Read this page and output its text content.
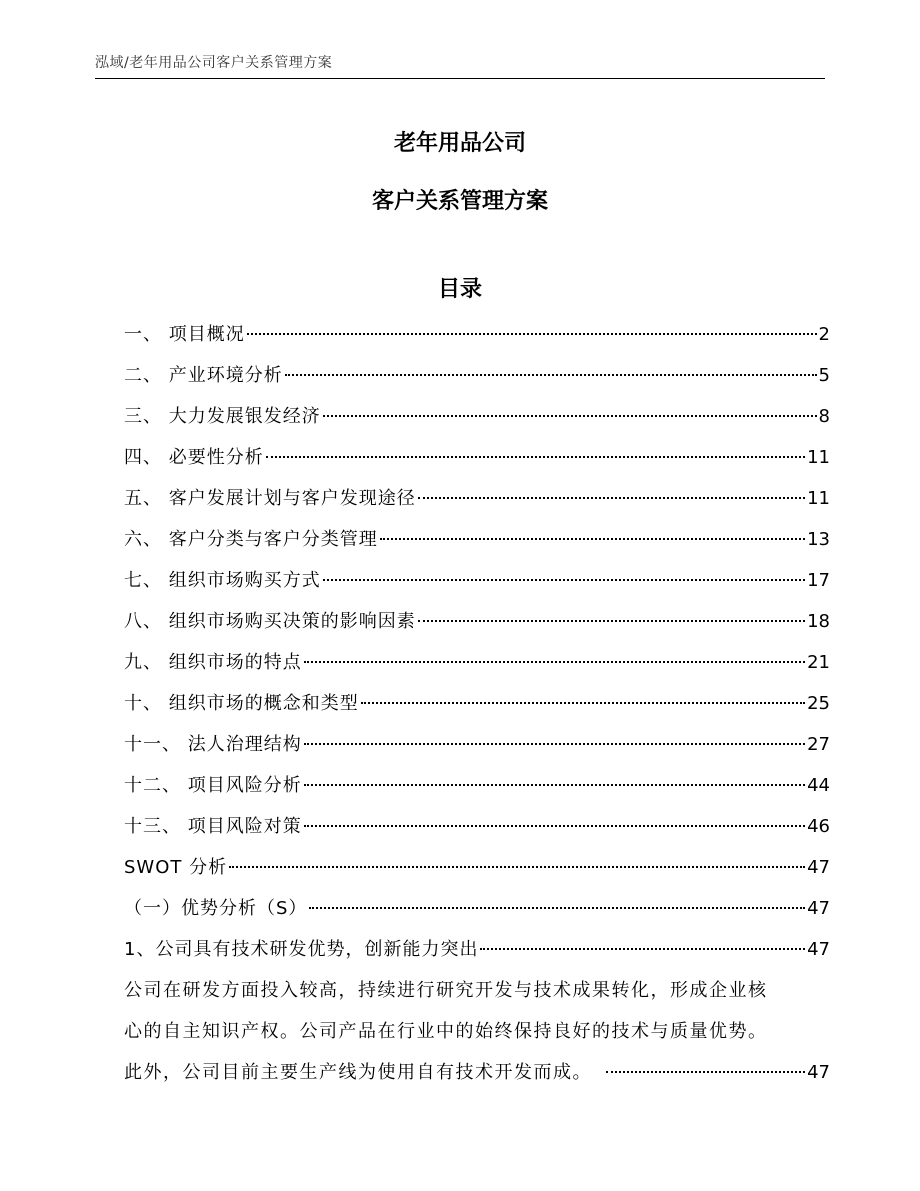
泓域/老年用品公司客户关系管理方案
老年用品公司
客户关系管理方案
目录
一、 项目概况	2
二、 产业环境分析	5
三、 大力发展银发经济	8
四、 必要性分析	11
五、 客户发展计划与客户发现途径	11
六、 客户分类与客户分类管理	13
七、 组织市场购买方式	17
八、 组织市场购买决策的影响因素	18
九、 组织市场的特点	21
十、 组织市场的概念和类型	25
十一、 法人治理结构	27
十二、 项目风险分析	44
十三、 项目风险对策	46
SWOT 分析	47
（一）优势分析（S）	47
1、公司具有技术研发优势，创新能力突出	47
公司在研发方面投入较高，持续进行研究开发与技术成果转化，形成企业核
心的自主知识产权。公司产品在行业中的始终保持良好的技术与质量优势。
此外，公司目前主要生产线为使用自有技术开发而成。	47
